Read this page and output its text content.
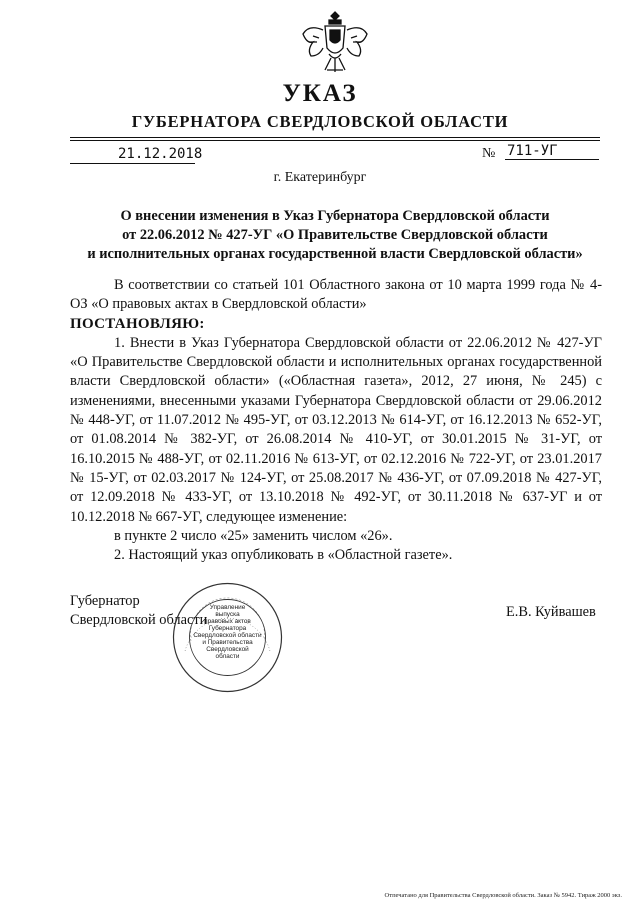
УКАЗ
ГУБЕРНАТОРА СВЕРДЛОВСКОЙ ОБЛАСТИ
21.12.2018	№ 711-УГ
г. Екатеринбург
О внесении изменения в Указ Губернатора Свердловской области
от 22.06.2012 № 427-УГ «О Правительстве Свердловской области
и исполнительных органах государственной власти Свердловской области»

В соответствии со статьей 101 Областного закона от 10 марта 1999 года № 4-ОЗ «О правовых актах в Свердловской области»

ПОСТАНОВЛЯЮ:

1. Внести в Указ Губернатора Свердловской области от 22.06.2012 № 427-УГ «О Правительстве Свердловской области и исполнительных органах государственной власти Свердловской области» («Областная газета», 2012, 27 июня, № 245) с изменениями, внесенными указами Губернатора Свердловской области от 29.06.2012 № 448-УГ, от 11.07.2012 № 495-УГ, от 03.12.2013 № 614-УГ, от 16.12.2013 № 652-УГ, от 01.08.2014 № 382-УГ, от 26.08.2014 № 410-УГ, от 30.01.2015 № 31-УГ, от 16.10.2015 № 488-УГ, от 02.11.2016 № 613-УГ, от 02.12.2016 № 722-УГ, от 23.01.2017 № 15-УГ, от 02.03.2017 № 124-УГ, от 25.08.2017 № 436-УГ, от 07.09.2018 № 427-УГ, от 12.09.2018 № 433-УГ, от 13.10.2018 № 492-УГ, от 30.11.2018 № 637-УГ и от 10.12.2018 № 667-УГ, следующее изменение:

в пункте 2 число «25» заменить числом «26».

2. Настоящий указ опубликовать в «Областной газете».

Губернатор
Свердловской области	Е.В. Куйвашев
Управление
выпуска
правовых актов
Губернатора
Свердловской области
и Правительства
Свердловской
области
Отпечатано для Правительства Свердловской области. Заказ № 5942. Тираж 2000 экз.
